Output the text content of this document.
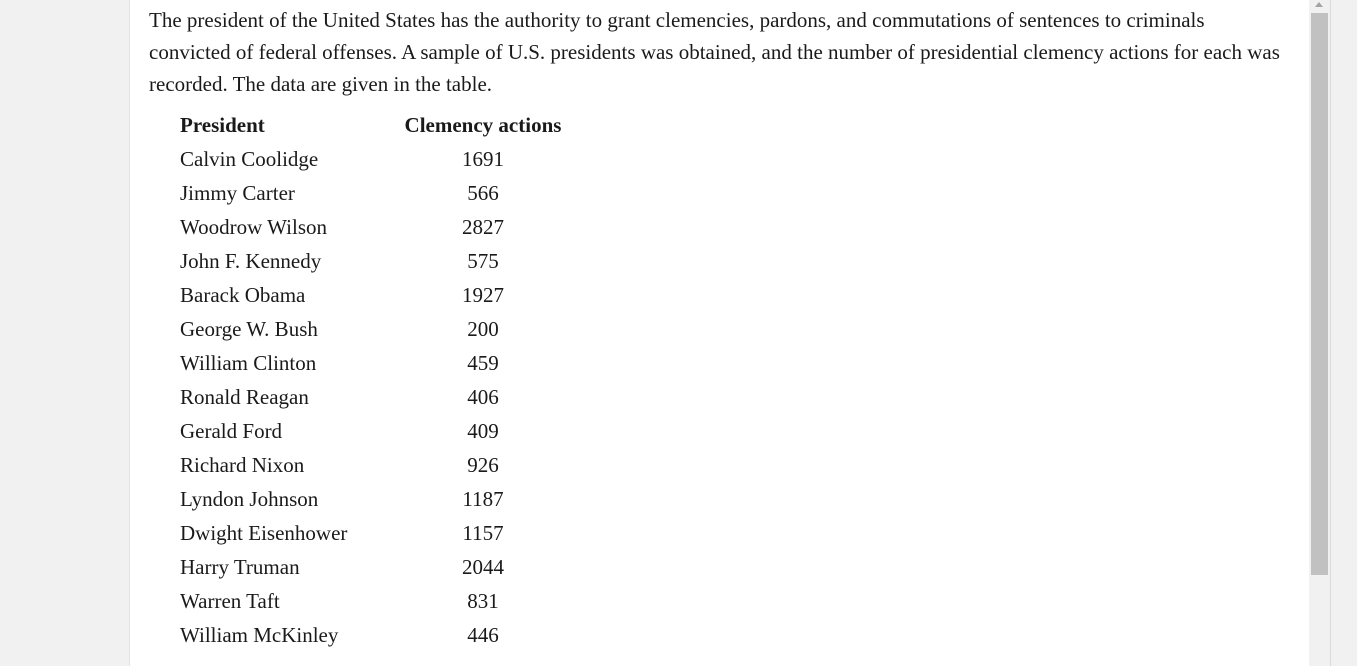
The president of the United States has the authority to grant clemencies, pardons, and commutations of sentences to criminals convicted of federal offenses. A sample of U.S. presidents was obtained, and the number of presidential clemency actions for each was recorded. The data are given in the table.

President	Clemency actions
Calvin Coolidge	1691
Jimmy Carter	566
Woodrow Wilson	2827
John F. Kennedy	575
Barack Obama	1927
George W. Bush	200
William Clinton	459
Ronald Reagan	406
Gerald Ford	409
Richard Nixon	926
Lyndon Johnson	1187
Dwight Eisenhower	1157
Harry Truman	2044
Warren Taft	831
William McKinley	446
